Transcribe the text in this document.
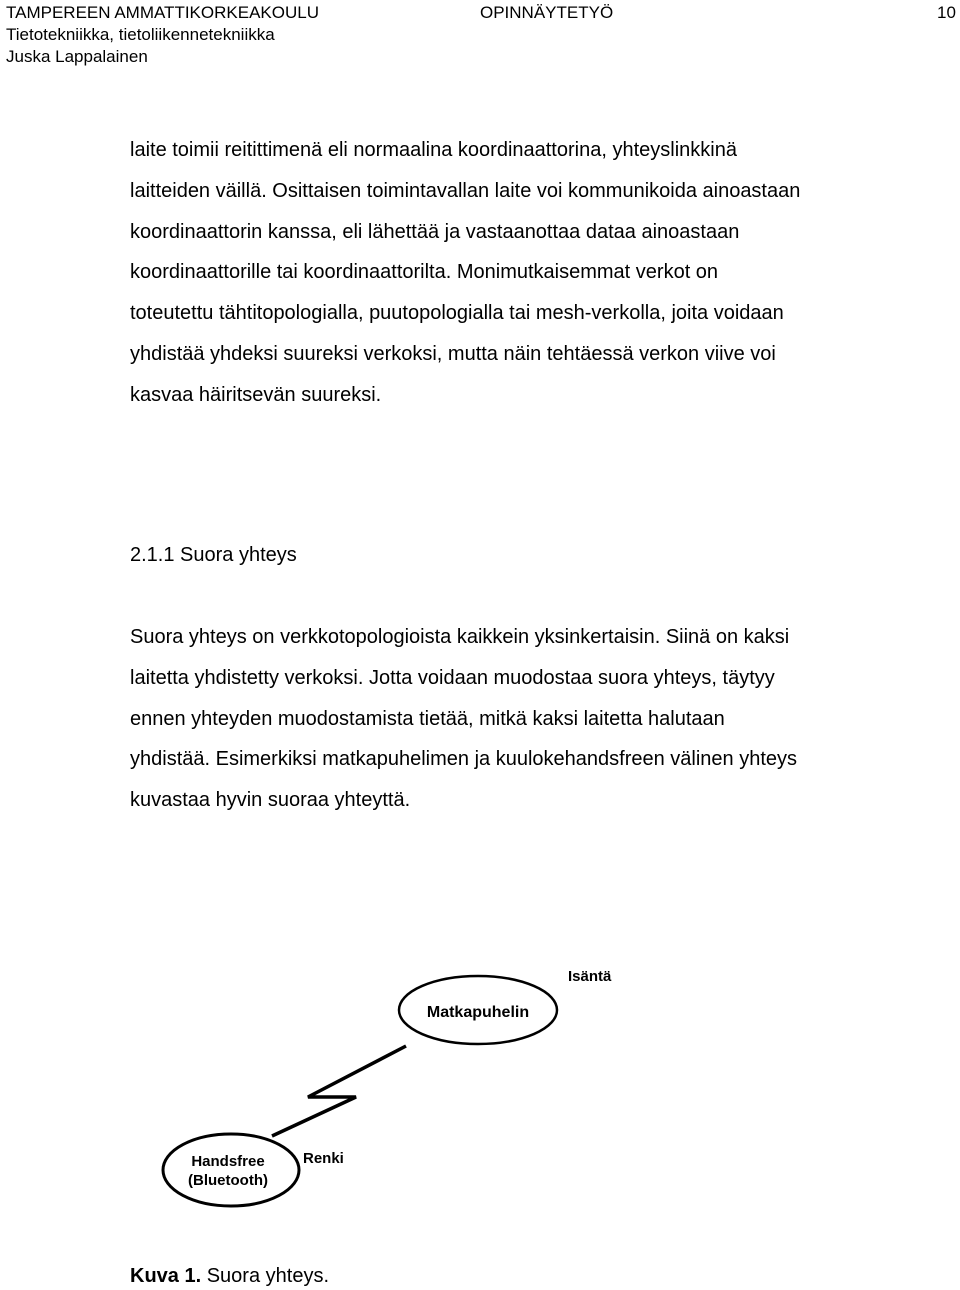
TAMPEREEN AMMATTIKORKEAKOULU	OPINNÄYTETYÖ	10
Tietotekniikka, tietoliikennetekniikka
Juska Lappalainen
laite toimii reitittimenä eli normaalina koordinaattorina, yhteyslinkkinä
laitteiden väillä. Osittaisen toimintavallan laite voi kommunikoida ainoastaan
koordinaattorin kanssa, eli lähettää ja vastaanottaa dataa ainoastaan
koordinaattorille tai koordinaattorilta. Monimutkaisemmat verkot on
toteutettu tähtitopologialla, puutopologialla tai mesh-verkolla, joita voidaan
yhdistää yhdeksi suureksi verkoksi, mutta näin tehtäessä verkon viive voi
kasvaa häiritsevän suureksi.
2.1.1 Suora yhteys
Suora yhteys on verkkotopologioista kaikkein yksinkertaisin. Siinä on kaksi
laitetta yhdistetty verkoksi. Jotta voidaan muodostaa suora yhteys, täytyy
ennen yhteyden muodostamista tietää, mitkä kaksi laitetta halutaan
yhdistää. Esimerkiksi matkapuhelimen ja kuulokehandsfreen välinen yhteys
kuvastaa hyvin suoraa yhteyttä.
Matkapuhelin
Isäntä
Handsfree
(Bluetooth)
Renki
Kuva 1. Suora yhteys.
